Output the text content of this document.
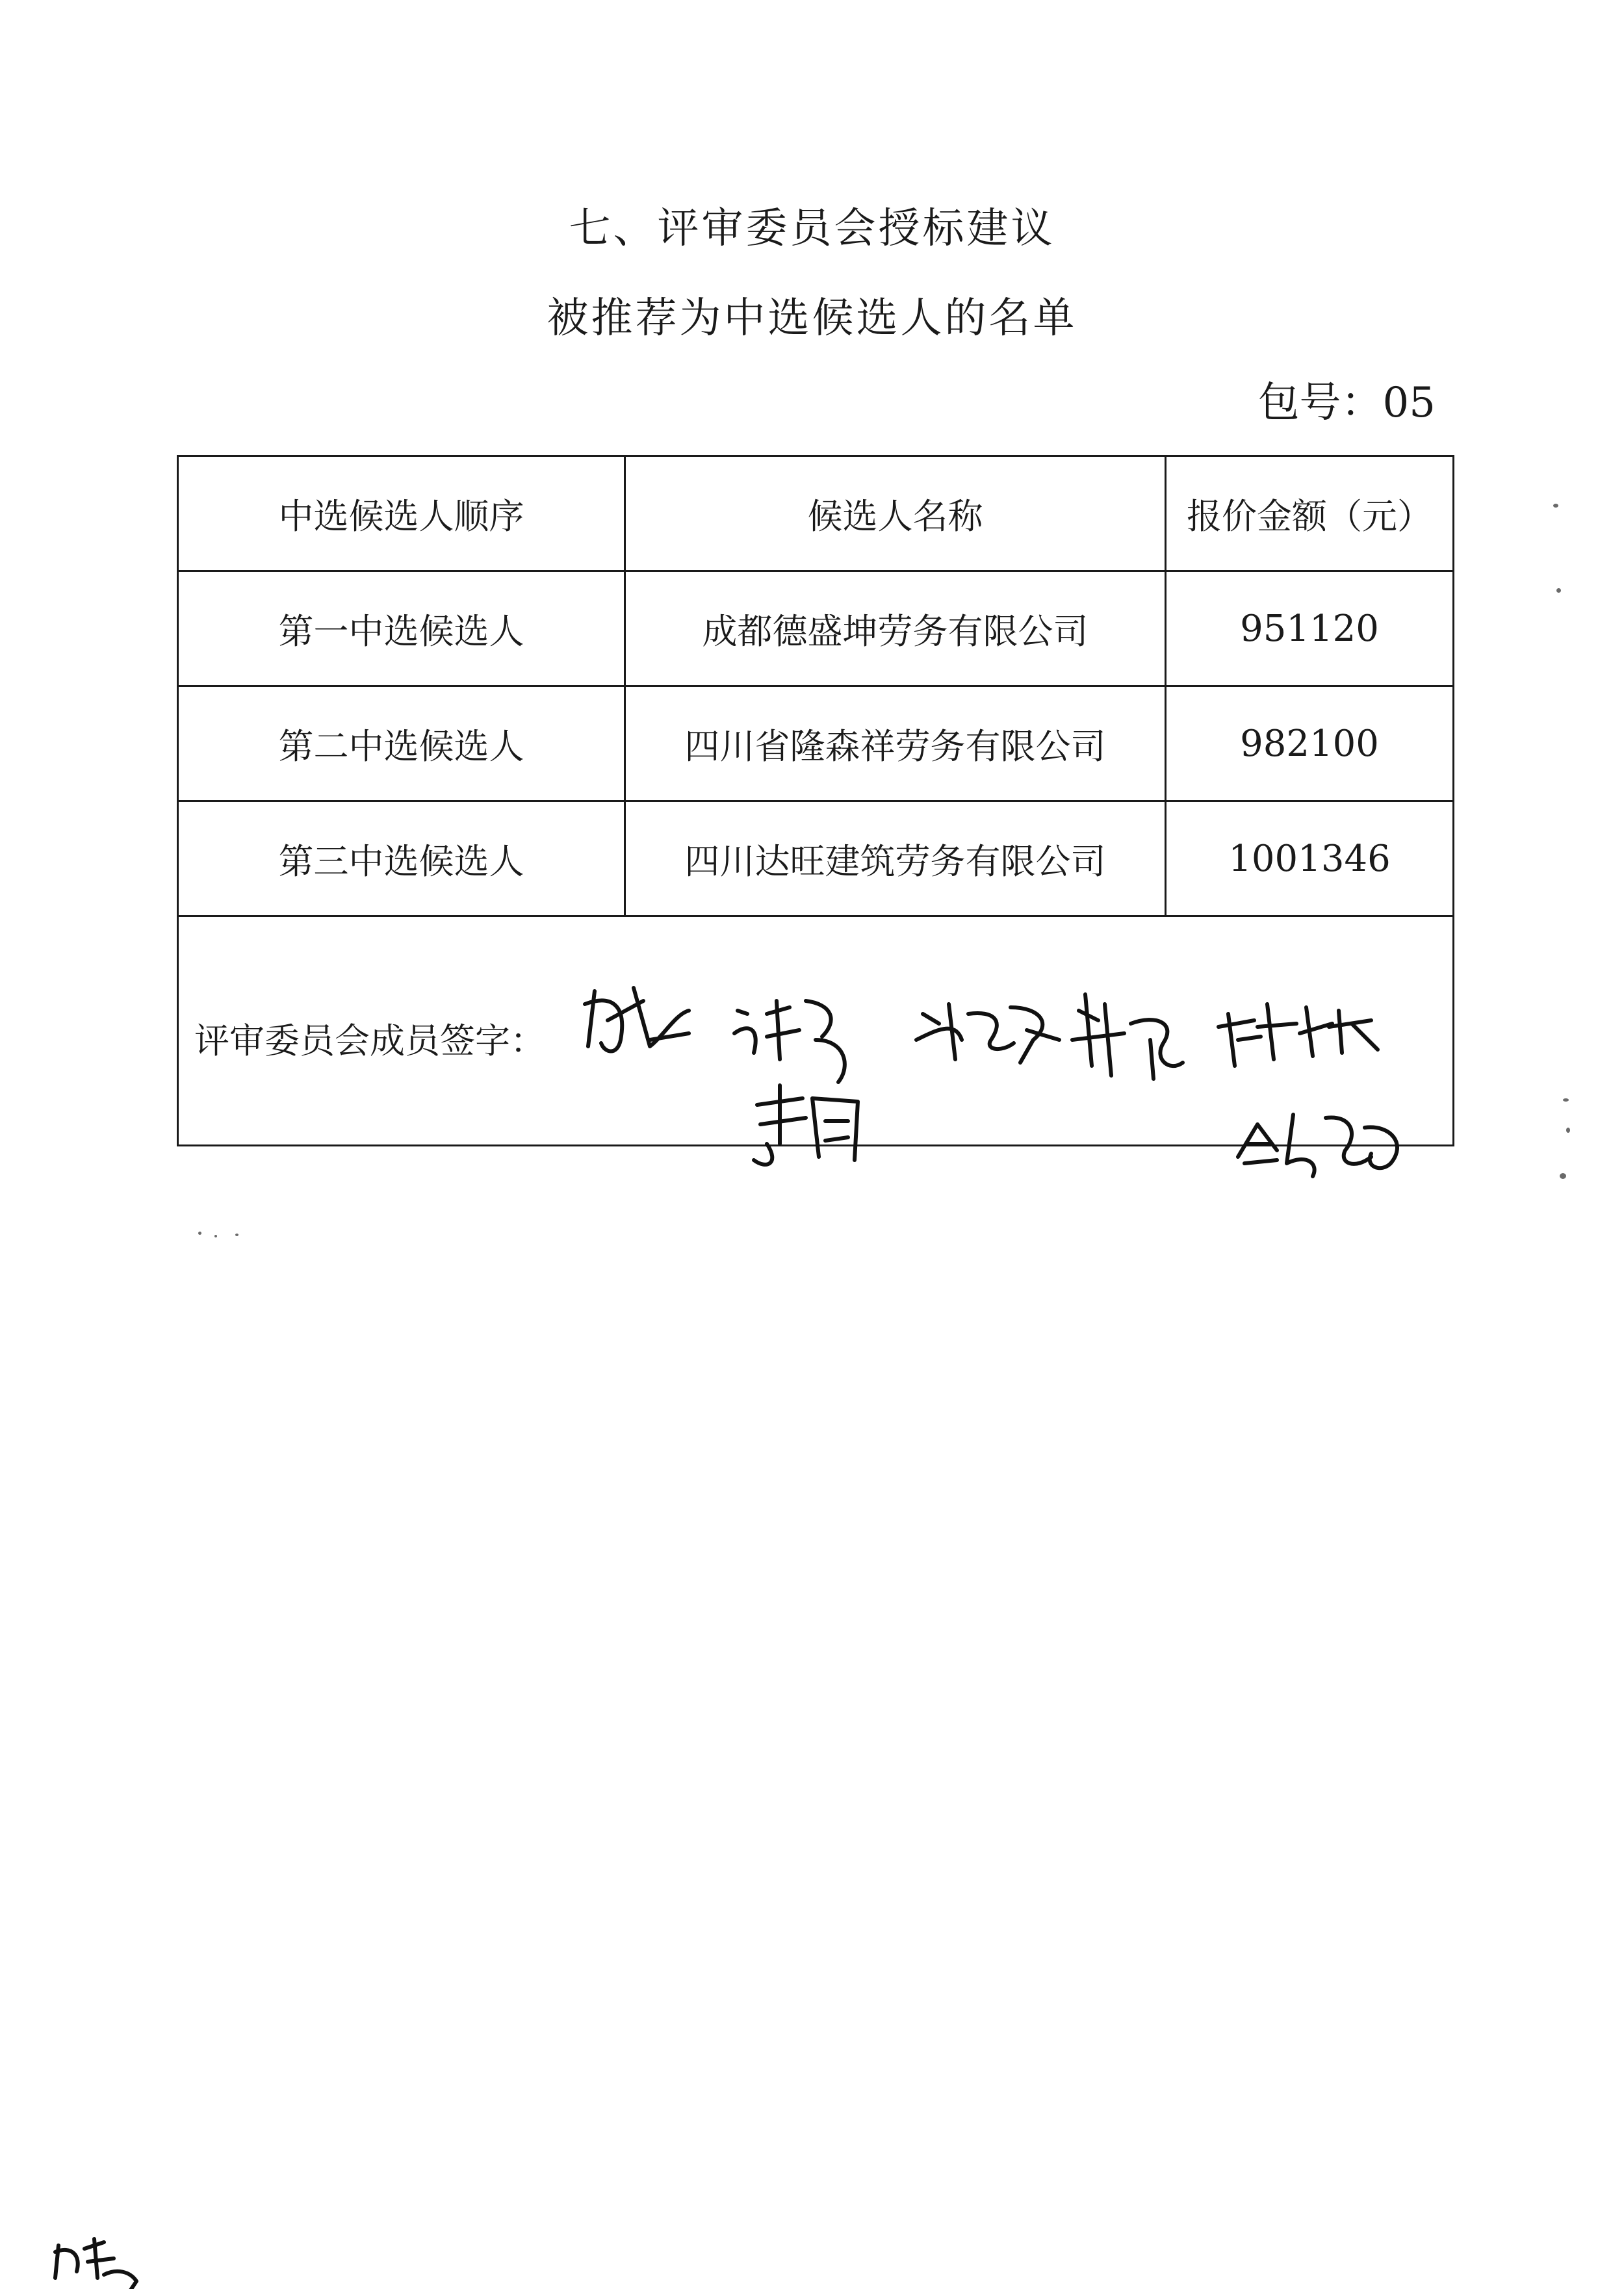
七、评审委员会授标建议
被推荐为中选候选人的名单
包号：05
中选候选人顺序	候选人名称	报价金额（元）
第一中选候选人	成都德盛坤劳务有限公司	951120
第二中选候选人	四川省隆森祥劳务有限公司	982100
第三中选候选人	四川达旺建筑劳务有限公司	1001346

评审委员会成员签字：		
